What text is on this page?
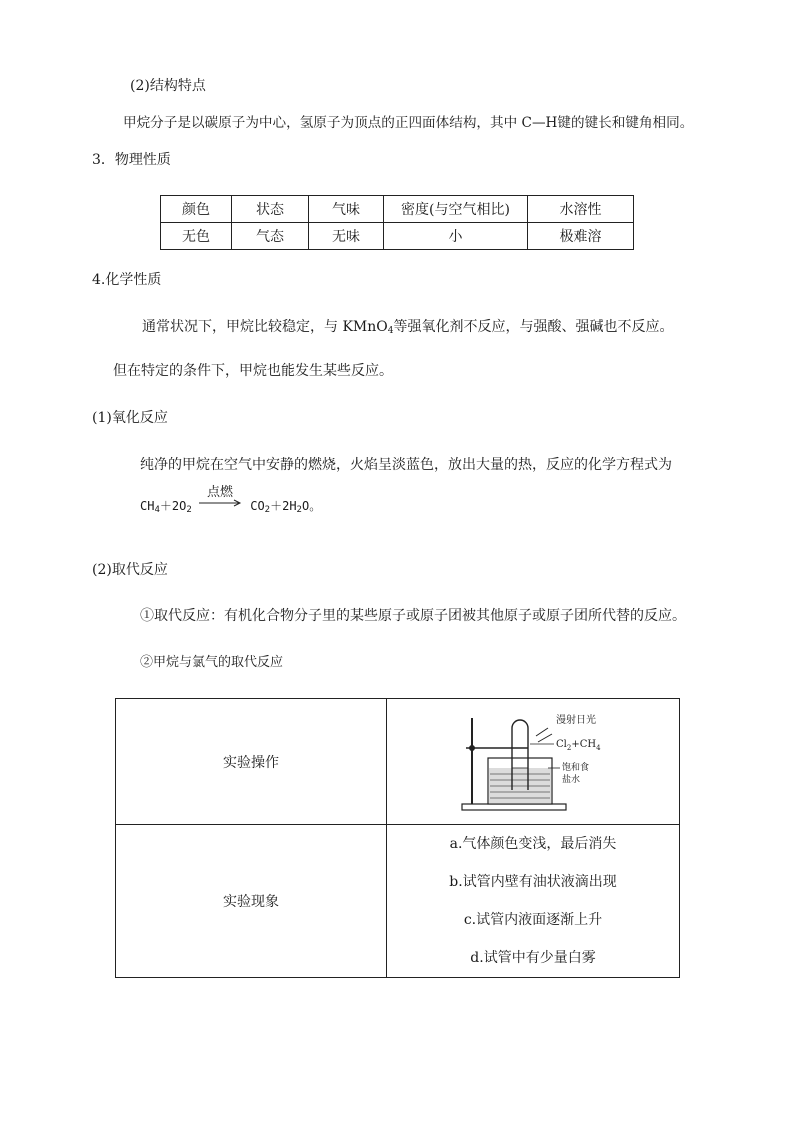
(2)结构特点
甲烷分子是以碳原子为中心，氢原子为顶点的正四面体结构，其中 C—H键的键长和键角相同。
3．物理性质
颜色	状态	气味	密度(与空气相比)	水溶性
无色	气态	无味	小	极难溶
4.化学性质
通常状况下，甲烷比较稳定，与 KMnO$_4$等强氧化剂不反应，与强酸、强碱也不反应。
但在特定的条件下，甲烷也能发生某些反应。
(1)氧化反应
纯净的甲烷在空气中安静的燃烧，火焰呈淡蓝色，放出大量的热，反应的化学方程式为
$CH_4+2O_2$
点燃
$CO_2+2H_2O$。
(2)取代反应
①取代反应：有机化合物分子里的某些原子或原子团被其他原子或原子团所代替的反应。
②甲烷与氯气的取代反应
实验操作	漫射日光
$Cl_2+CH_4$
饱和食
盐水

实验现象	a.气体颜色变浅，最后消失
b.试管内壁有油状液滴出现
c.试管内液面逐渐上升
d.试管中有少量白雾
